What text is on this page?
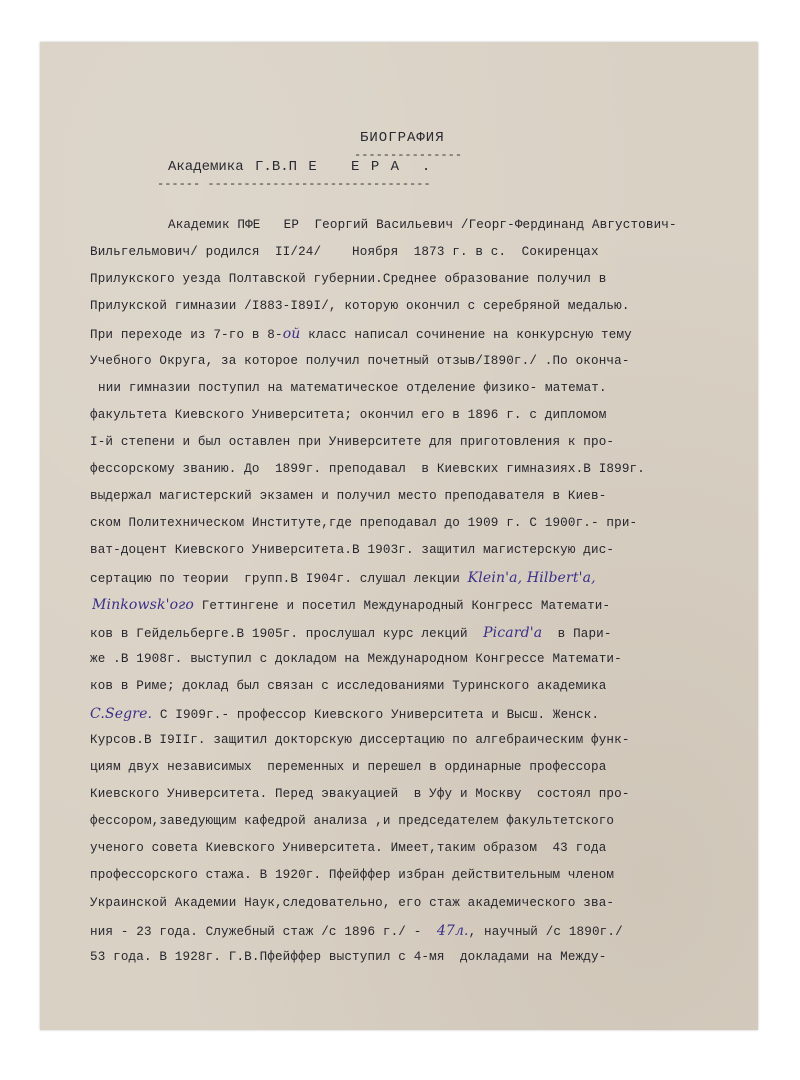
БИОГРАФИЯ
---------------
Академика Г.В.П Е   Е Р А  .
------ -------------------------------
Академик ПФЕ   ЕР  Георгий Васильевич /Георг-Фердинанд Августович-
Вильгельмович/ родился  II/24/    Ноября  1873 г. в с.  Сокиренцах
Прилукского уезда Полтавской губернии.Среднее образование получил в
Прилукской гимназии /I883-I89I/, которую окончил с серебряной медалью.
При переходе из 7-го в 8-ой класс написал сочинение на конкурсную тему
Учебного Округа, за которое получил почетный отзыв/I890г./ .По оконча-
нии гимназии поступил на математическое отделение физико- математ.
факультета Киевского Университета; окончил его в 1896 г. с дипломом
I-й степени и был оставлен при Университете для приготовления к про-
фессорскому званию. До  1899г. преподавал  в Киевских гимназиях.В I899г.
выдержал магистерский экзамен и получил место преподавателя в Киев-
ском Политехническом Институте,где преподавал до 1909 г. С 1900г.- при-
ват-доцент Киевского Университета.В 1903г. защитил магистерскую дис-
сертацию по теории  групп.В I904г. слушал лекции Klein'a, Hilbert'a,
Minkowsk'ого Геттингене и посетил Международный Конгресс Математи-
ков в Гейдельберге.В 1905г. прослушал курс лекций  Picard'a  в Пари-
же .В 1908г. выступил с докладом на Международном Конгрессе Математи-
ков в Риме; доклад был связан с исследованиями Туринского академика
C.Segre. С I909г.- профессор Киевского Университета и Высш. Женск.
Курсов.В I9IIг. защитил докторскую диссертацию по алгебраическим функ-
циям двух независимых  переменных и перешел в ординарные профессора
Киевского Университета. Перед эвакуацией  в Уфу и Москву  состоял про-
фессором,заведующим кафедрой анализа ,и председателем факультетского
ученого совета Киевского Университета. Имеет,таким образом  43 года
профессорского стажа. В 1920г. Пфейффер избран действительным членом
Украинской Академии Наук,следовательно, его стаж академического зва-
ния - 23 года. Служебный стаж /с 1896 г./ -  47л., научный /с 1890г./
53 года. В 1928г. Г.В.Пфейффер выступил с 4-мя  докладами на Между-
